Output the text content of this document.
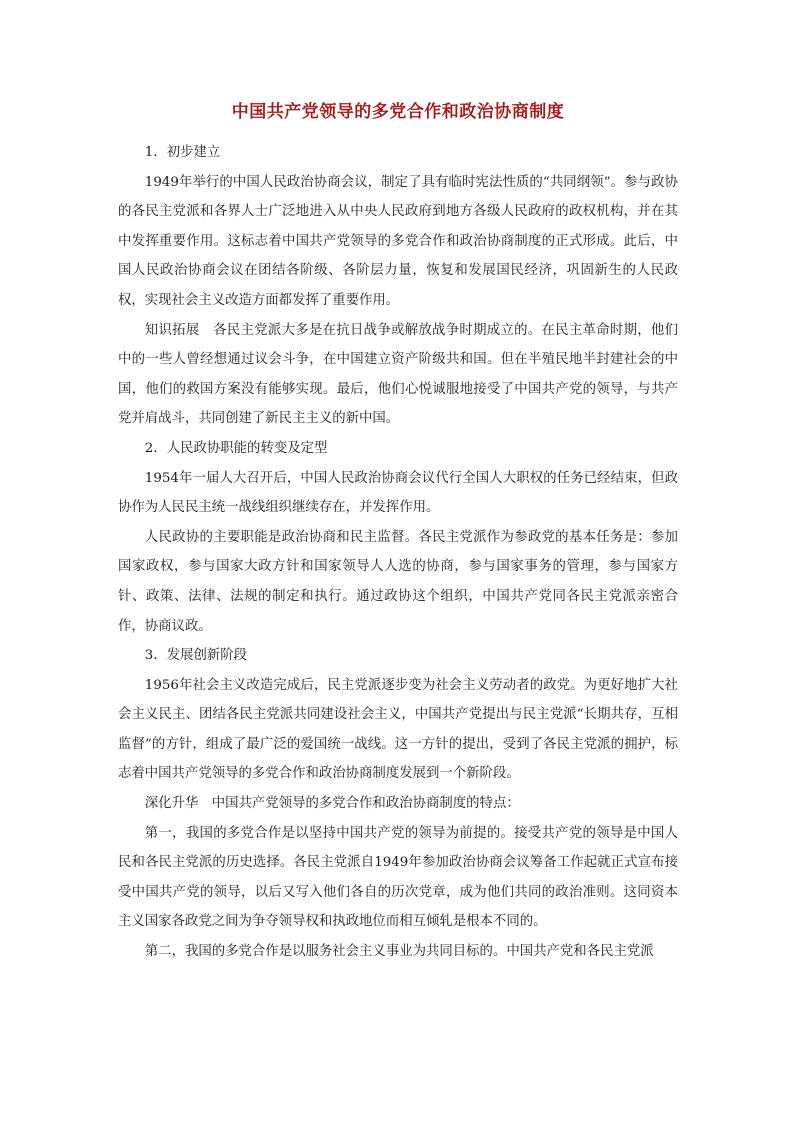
中国共产党领导的多党合作和政治协商制度

1．初步建立

1949年举行的中国人民政治协商会议，制定了具有临时宪法性质的“共同纲领”。参与政协的各民主党派和各界人士广泛地进入从中央人民政府到地方各级人民政府的政权机构，并在其中发挥重要作用。这标志着中国共产党领导的多党合作和政治协商制度的正式形成。此后，中国人民政治协商会议在团结各阶级、各阶层力量，恢复和发展国民经济，巩固新生的人民政权，实现社会主义改造方面都发挥了重要作用。

知识拓展　各民主党派大多是在抗日战争或解放战争时期成立的。在民主革命时期，他们中的一些人曾经想通过议会斗争，在中国建立资产阶级共和国。但在半殖民地半封建社会的中国，他们的救国方案没有能够实现。最后，他们心悦诚服地接受了中国共产党的领导，与共产党并肩战斗，共同创建了新民主主义的新中国。

2．人民政协职能的转变及定型

1954年一届人大召开后，中国人民政治协商会议代行全国人大职权的任务已经结束，但政协作为人民民主统一战线组织继续存在，并发挥作用。

人民政协的主要职能是政治协商和民主监督。各民主党派作为参政党的基本任务是：参加国家政权，参与国家大政方针和国家领导人人选的协商，参与国家事务的管理，参与国家方针、政策、法律、法规的制定和执行。通过政协这个组织，中国共产党同各民主党派亲密合作，协商议政。

3．发展创新阶段

1956年社会主义改造完成后，民主党派逐步变为社会主义劳动者的政党。为更好地扩大社会主义民主、团结各民主党派共同建设社会主义，中国共产党提出与民主党派“长期共存，互相监督”的方针，组成了最广泛的爱国统一战线。这一方针的提出，受到了各民主党派的拥护，标志着中国共产党领导的多党合作和政治协商制度发展到一个新阶段。

深化升华　中国共产党领导的多党合作和政治协商制度的特点：

第一，我国的多党合作是以坚持中国共产党的领导为前提的。接受共产党的领导是中国人民和各民主党派的历史选择。各民主党派自1949年参加政治协商会议筹备工作起就正式宣布接受中国共产党的领导，以后又写入他们各自的历次党章，成为他们共同的政治准则。这同资本主义国家各政党之间为争夺领导权和执政地位而相互倾轧是根本不同的。

第二，我国的多党合作是以服务社会主义事业为共同目标的。中国共产党和各民主党派
